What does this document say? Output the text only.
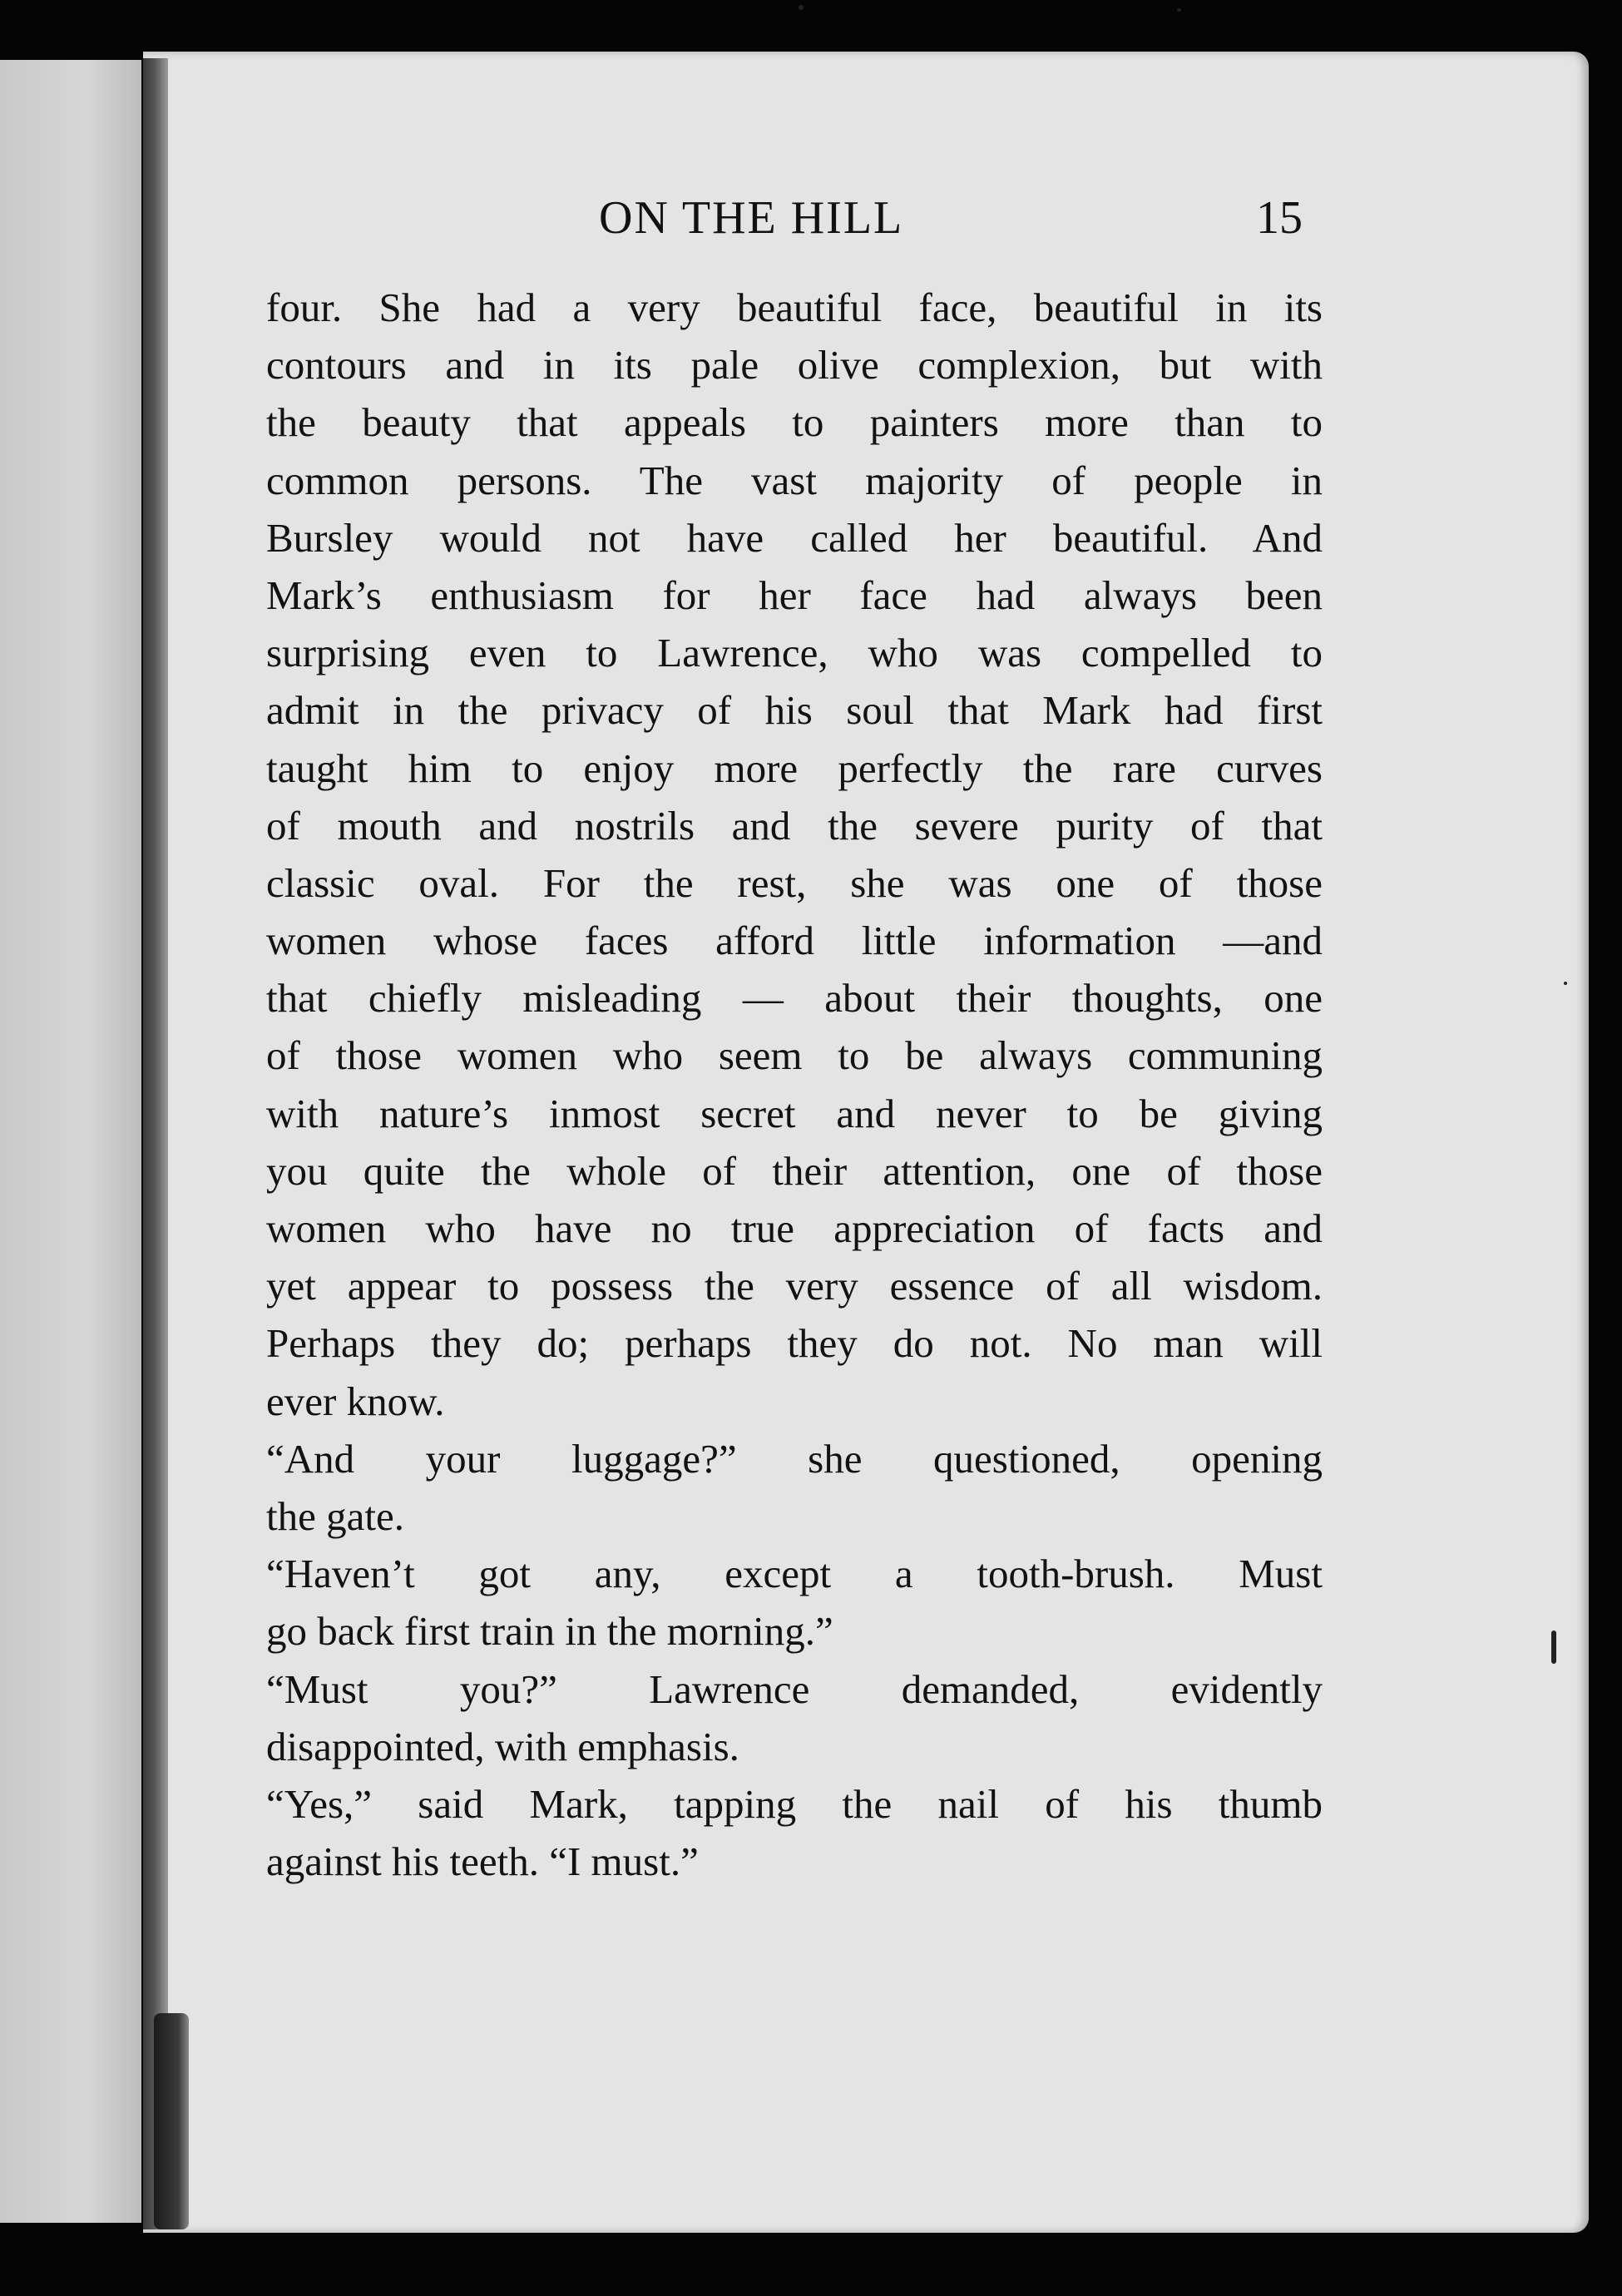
ON THE HILL	15
four. She had a very beautiful face, beautiful in its
contours and in its pale olive complexion, but with
the beauty that appeals to painters more than to
common persons. The vast majority of people in
Bursley would not have called her beautiful. And
Mark’s enthusiasm for her face had always been
surprising even to Lawrence, who was compelled to
admit in the privacy of his soul that Mark had first
taught him to enjoy more perfectly the rare curves
of mouth and nostrils and the severe purity of that
classic oval. For the rest, she was one of those
women whose faces afford little information —and
that chiefly misleading — about their thoughts, one
of those women who seem to be always communing
with nature’s inmost secret and never to be giving
you quite the whole of their attention, one of those
women who have no true appreciation of facts and
yet appear to possess the very essence of all wisdom.
Perhaps they do; perhaps they do not. No man will
ever know.
“And your luggage?” she questioned, opening
the gate.
“Haven’t got any, except a tooth-brush. Must
go back first train in the morning.”
“Must you?” Lawrence demanded, evidently
disappointed, with emphasis.
“Yes,” said Mark, tapping the nail of his thumb
against his teeth. “I must.”
